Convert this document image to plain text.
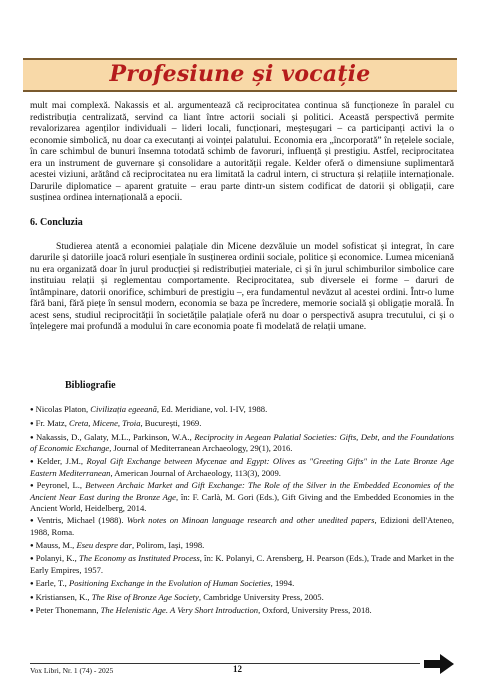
Profesiune și vocație

mult mai complexă. Nakassis et al. argumentează că reciprocitatea continua să funcționeze în paralel cu redistribuția centralizată, servind ca liant între actorii sociali și politici. Această perspectivă permite revalorizarea agenților individuali – lideri locali, funcționari, meșteșugari – ca participanți activi la o economie simbolică, nu doar ca executanți ai voinței palatului. Economia era „încorporată” în rețelele sociale, în care schimbul de bunuri însemna totodată schimb de favoruri, influență și prestigiu. Astfel, reciprocitatea era un instrument de guvernare și consolidare a autorității regale. Kelder oferă o dimensiune suplimentară acestei viziuni, arătând că reciprocitatea nu era limitată la cadrul intern, ci structura și relațiile internaționale. Darurile diplomatice – aparent gratuite – erau parte dintr-un sistem codificat de datorii și obligații, care susținea ordinea internațională a epocii.

6. Concluzia

Studierea atentă a economiei palațiale din Micene dezvăluie un model sofisticat și integrat, în care darurile și datoriile joacă roluri esențiale în susținerea ordinii sociale, politice și economice. Lumea miceniană nu era organizată doar în jurul producției și redistribuției materiale, ci și în jurul schimburilor simbolice care instituiau relații și reglementau comportamente. Reciprocitatea, sub diversele ei forme – daruri de întâmpinare, datorii onorifice, schimburi de prestigiu –, era fundamentul nevăzut al acestei ordini. Într-o lume fără bani, fără piețe în sensul modern, economia se baza pe încredere, memorie socială și obligație morală. În acest sens, studiul reciprocității în societățile palațiale oferă nu doar o perspectivă asupra trecutului, ci și o înțelegere mai profundă a modului în care economia poate fi modelată de relații umane.

Bibliografie
● Nicolas Platon, Civilizația egeeană, Ed. Meridiane, vol. I-IV, 1988.
● Fr. Matz, Creta, Micene, Troia, București, 1969.
● Nakassis, D., Galaty, M.L., Parkinson, W.A., Reciprocity in Aegean Palatial Societies: Gifts, Debt, and the Foundations of Economic Exchange, Journal of Mediterranean Archaeology, 29(1), 2016.
● Kelder, J.M., Royal Gift Exchange between Mycenae and Egypt: Olives as "Greeting Gifts" in the Late Bronze Age Eastern Mediterranean, American Journal of Archaeology, 113(3), 2009.
● Peyronel, L., Between Archaic Market and Gift Exchange: The Role of the Silver in the Embedded Economies of the Ancient Near East during the Bronze Age, în: F. Carlà, M. Gori (Eds.), Gift Giving and the Embedded Economies in the Ancient World, Heidelberg, 2014.
● Ventris, Michael (1988). Work notes on Minoan language research and other unedited papers, Edizioni dell'Ateneo, 1988, Roma.
● Mauss, M., Eseu despre dar, Polirom, Iași, 1998.
● Polanyi, K., The Economy as Instituted Process, în: K. Polanyi, C. Arensberg, H. Pearson (Eds.), Trade and Market in the Early Empires, 1957.
● Earle, T., Positioning Exchange in the Evolution of Human Societies, 1994.
● Kristiansen, K., The Rise of Bronze Age Society, Cambridge University Press, 2005.
● Peter Thonemann, The Helenistic Age. A Very Short Introduction, Oxford, University Press, 2018.
Vox Libri, Nr. 1 (74) - 2025	12
